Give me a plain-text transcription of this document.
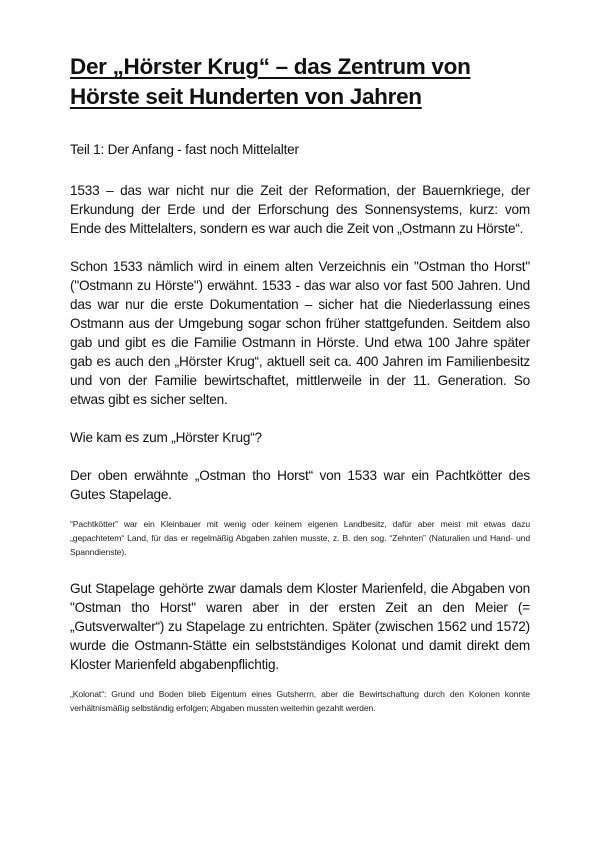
Der „Hörster Krug“ – das Zentrum von
Hörste seit Hunderten von Jahren

Teil 1: Der Anfang - fast noch Mittelalter

1533 – das war nicht nur die Zeit der Reformation, der Bauernkriege, der Erkundung der Erde und der Erforschung des Sonnensystems, kurz: vom Ende des Mittelalters, sondern es war auch die Zeit von „Ostmann zu Hörste“.

Schon 1533 nämlich wird in einem alten Verzeichnis ein "Ostman tho Horst" ("Ostmann zu Hörste") erwähnt. 1533 - das war also vor fast 500 Jahren. Und das war nur die erste Dokumentation – sicher hat die Niederlassung eines Ostmann aus der Umgebung sogar schon früher stattgefunden. Seitdem also gab und gibt es die Familie Ostmann in Hörste. Und etwa 100 Jahre später gab es auch den „Hörster Krug“, aktuell seit ca. 400 Jahren im Familienbesitz und von der Familie bewirtschaftet, mittlerweile in der 11. Generation. So etwas gibt es sicher selten.

Wie kam es zum „Hörster Krug“?

Der oben erwähnte „Ostman tho Horst“ von 1533 war ein Pachtkötter des Gutes Stapelage.

“Pachtkötter” war ein Kleinbauer mit wenig oder keinem eigenen Landbesitz, dafür aber meist mit etwas dazu „gepachtetem“ Land, für das er regelmäßig Abgaben zahlen musste, z. B. den sog. “Zehnten” (Naturalien und Hand- und Spanndienste).

Gut Stapelage gehörte zwar damals dem Kloster Marienfeld, die Abgaben von "Ostman tho Horst" waren aber in der ersten Zeit an den Meier (= „Gutsverwalter“) zu Stapelage zu entrichten. Später (zwischen 1562 und 1572) wurde die Ostmann-Stätte ein selbstständiges Kolonat und damit direkt dem Kloster Marienfeld abgabenpflichtig.

„Kolonat“: Grund und Boden blieb Eigentum eines Gutsherrn, aber die Bewirtschaftung durch den Kolonen konnte verhältnismäßig selbständig erfolgen; Abgaben mussten weiterhin gezahlt werden.
